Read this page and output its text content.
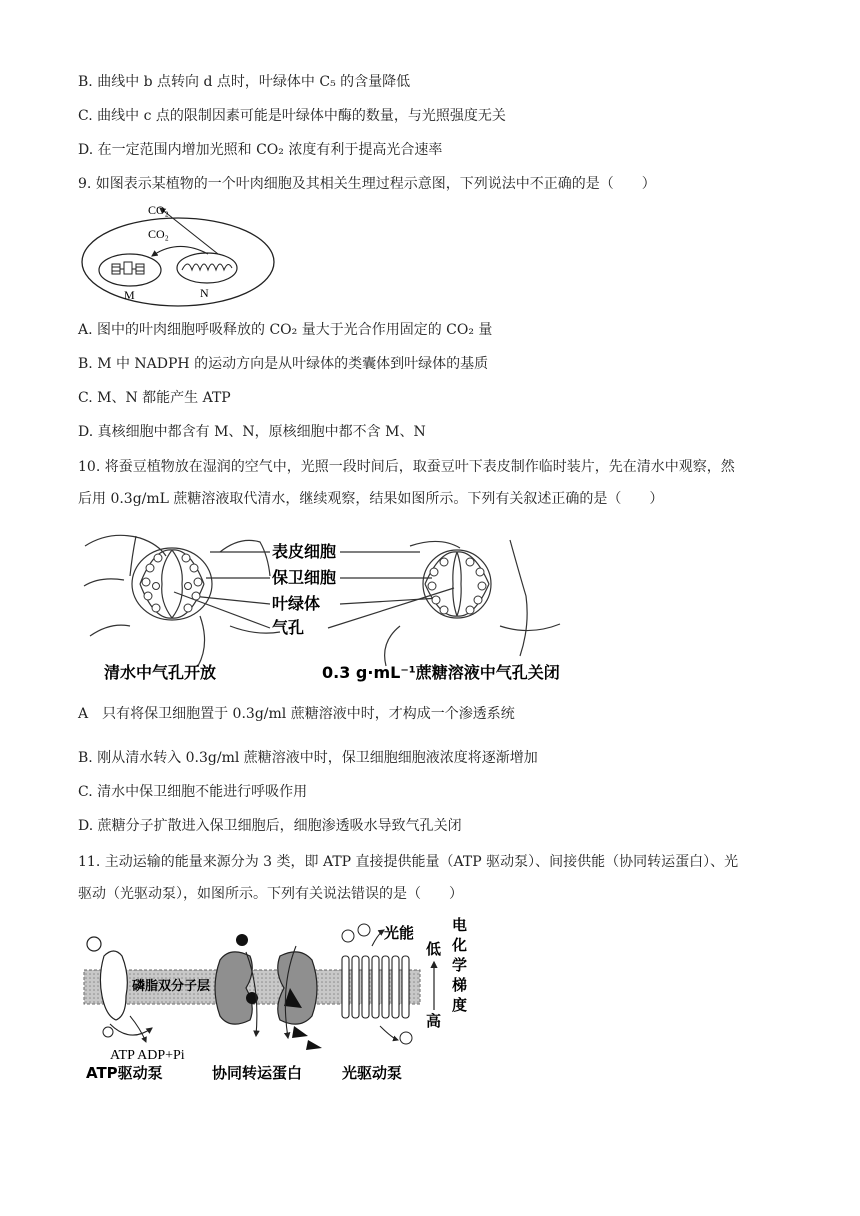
B. 曲线中 b 点转向 d 点时，叶绿体中 C₅ 的含量降低
C. 曲线中 c 点的限制因素可能是叶绿体中酶的数量，与光照强度无关
D. 在一定范围内增加光照和 CO₂ 浓度有利于提高光合速率
9. 如图表示某植物的一个叶肉细胞及其相关生理过程示意图，下列说法中不正确的是（　　）
CO₂
CO₂
M	N
A. 图中的叶肉细胞呼吸释放的 CO₂ 量大于光合作用固定的 CO₂ 量
B. M 中 NADPH 的运动方向是从叶绿体的类囊体到叶绿体的基质
C. M、N 都能产生 ATP
D. 真核细胞中都含有 M、N，原核细胞中都不含 M、N
10. 将蚕豆植物放在湿润的空气中，光照一段时间后，取蚕豆叶下表皮制作临时装片，先在清水中观察，然
后用 0.3g/mL 蔗糖溶液取代清水，继续观察，结果如图所示。下列有关叙述正确的是（　　）
表皮细胞
保卫细胞
叶绿体
气孔
清水中气孔开放	0.3 g·mL⁻¹蔗糖溶液中气孔关闭
A　只有将保卫细胞置于 0.3g/ml 蔗糖溶液中时，才构成一个渗透系统
B. 刚从清水转入 0.3g/ml 蔗糖溶液中时，保卫细胞细胞液浓度将逐渐增加
C. 清水中保卫细胞不能进行呼吸作用
D. 蔗糖分子扩散进入保卫细胞后，细胞渗透吸水导致气孔关闭
11. 主动运输的能量来源分为 3 类，即 ATP 直接提供能量（ATP 驱动泵）、间接供能（协同转运蛋白）、光
驱动（光驱动泵），如图所示。下列有关说法错误的是（　　）
光能
低
高
磷脂双分子层
ATP ADP+Pi
ATP驱动泵	协同转运蛋白	光驱动泵
电化学梯度
